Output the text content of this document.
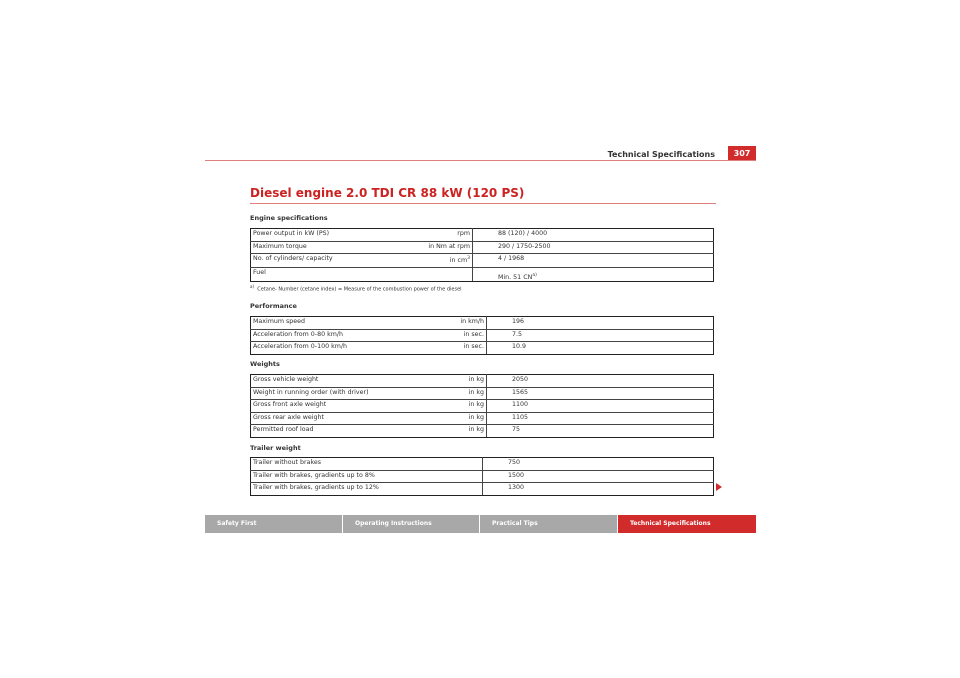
Technical Specifications	307
Diesel engine 2.0 TDI CR 88 kW (120 PS)
Engine specifications
Power output in kW (PS)	rpm	88 (120) / 4000
Maximum torque	in Nm at rpm	290 / 1750-2500
No. of cylinders/ capacity	in $cm^3$	4 / 1968
Fuel		Min. 51 CN$^{a)}$
$^{a)}$  Cetane- Number (cetane index) = Measure of the combustion power of the diesel
Performance
Maximum speed	in km/h	196
Acceleration from 0-80 km/h	in sec.	7.5
Acceleration from 0-100 km/h	in sec.	10.9
Weights
Gross vehicle weight	in kg	2050
Weight in running order (with driver)	in kg	1565
Gross front axle weight	in kg	1100
Gross rear axle weight	in kg	1105
Permitted roof load	in kg	75
Trailer weight
Trailer without brakes	750
Trailer with brakes, gradients up to 8%	1500
Trailer with brakes, gradients up to 12%	1300
Safety First	Operating Instructions	Practical Tips	Technical Specifications
